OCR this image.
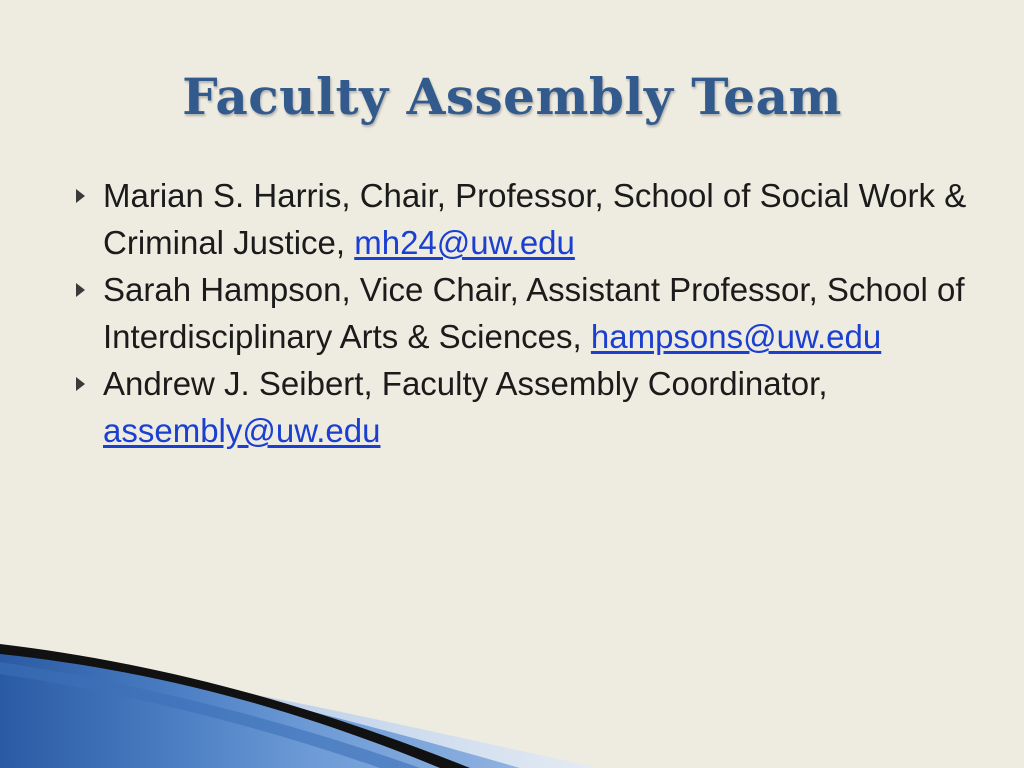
Faculty Assembly Team
Marian S. Harris, Chair, Professor, School of Social Work & Criminal Justice, mh24@uw.edu
Sarah Hampson, Vice Chair, Assistant Professor, School of Interdisciplinary Arts & Sciences, hampsons@uw.edu
Andrew J. Seibert, Faculty Assembly Coordinator, assembly@uw.edu
